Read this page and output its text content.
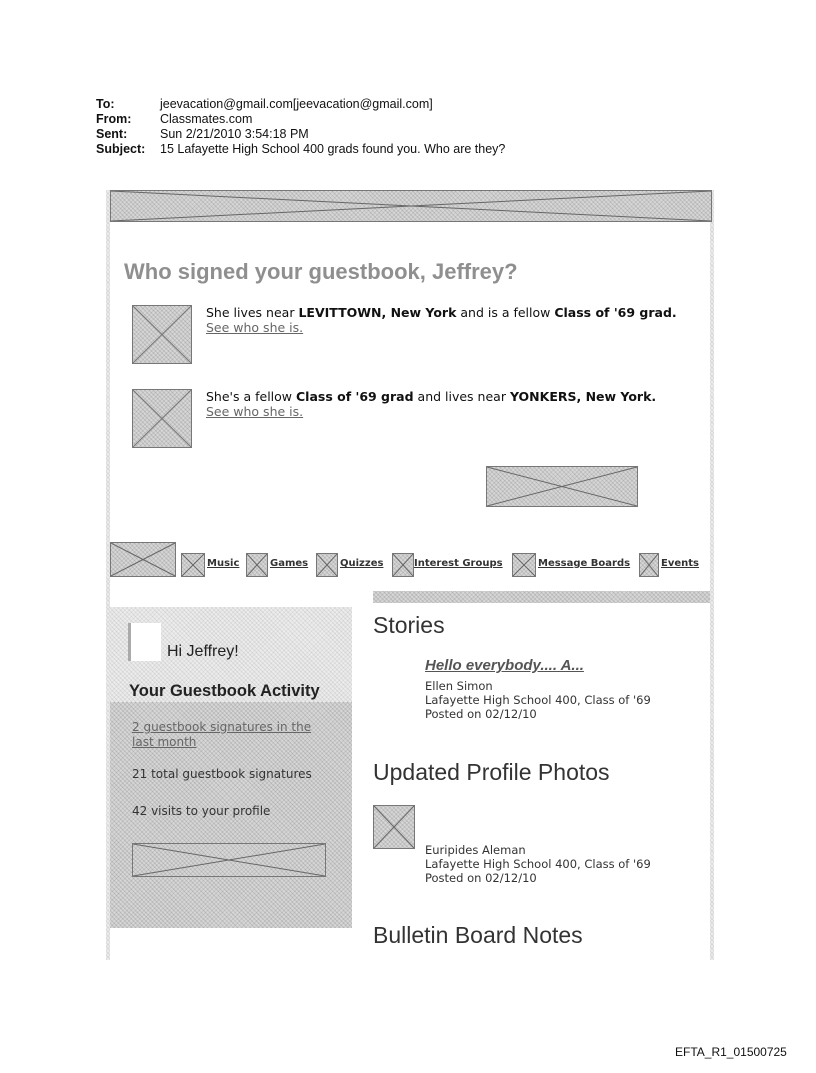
To:	jeevacation@gmail.com[jeevacation@gmail.com]
From: Classmates.com
Sent:	Sun 2/21/2010 3:54:18 PM
Subject: 15 Lafayette High School 400 grads found you. Who are they?
Who signed your guestbook, Jeffrey?
She lives near LEVITTOWN, New York and is a fellow Class of '69 grad.
See who she is.
She's a fellow Class of '69 grad and lives near YONKERS, New York.
See who she is.
Music	Games	Quizzes	Interest Groups	Message Boards	Events
Hi Jeffrey!
Your Guestbook Activity
2 guestbook signatures in the last month
21 total guestbook signatures
42 visits to your profile
Stories
Hello everybody.... A...
Ellen Simon
Lafayette High School 400, Class of '69
Posted on 02/12/10
Updated Profile Photos
Euripides Aleman
Lafayette High School 400, Class of '69
Posted on 02/12/10
Bulletin Board Notes
EFTA_R1_01500725
